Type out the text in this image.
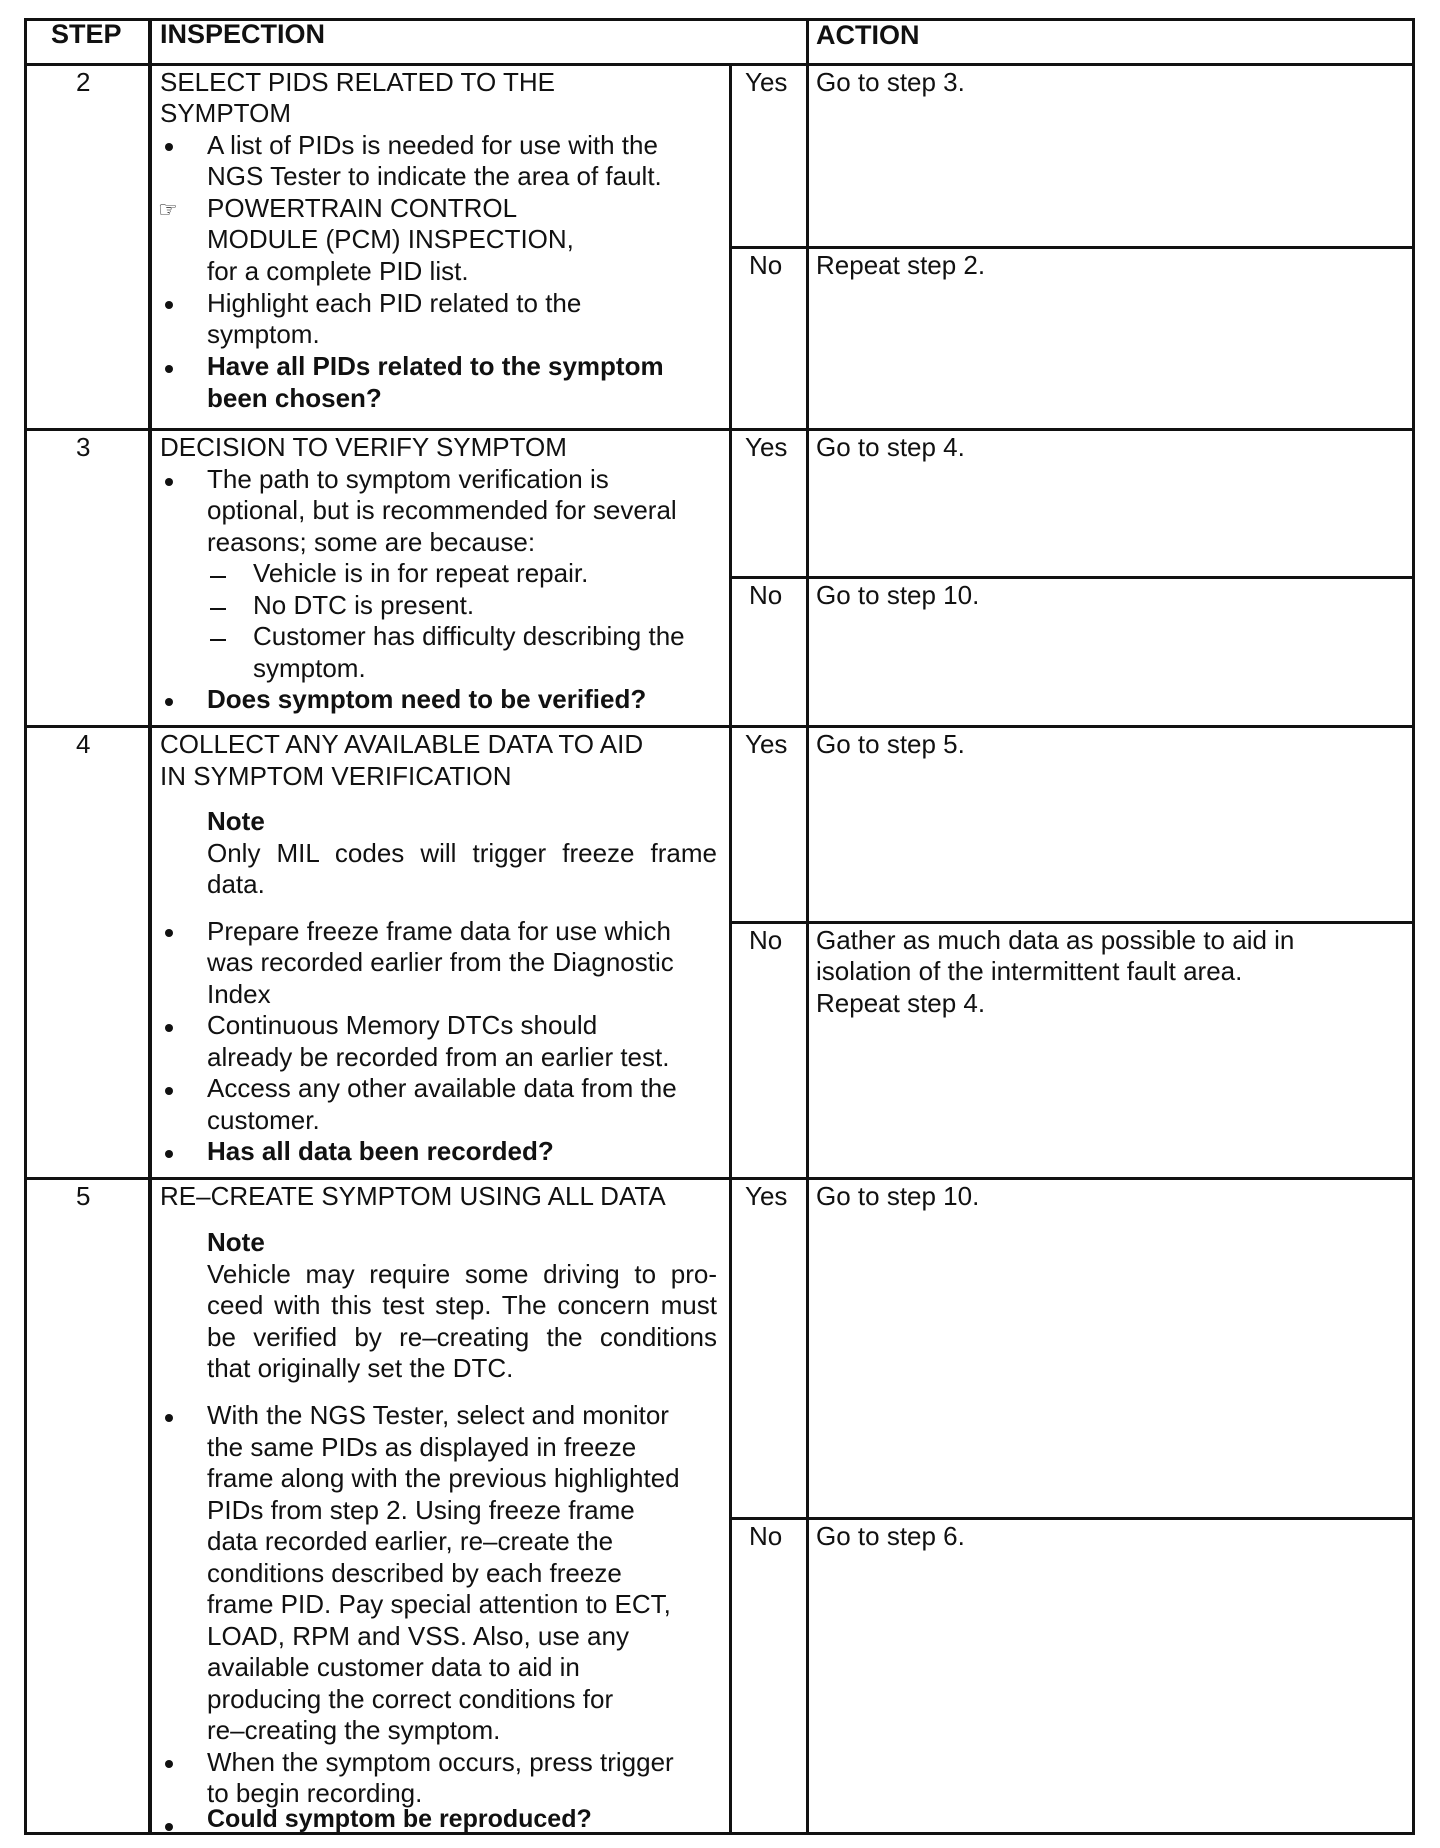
STEP INSPECTION	ACTION
2	SELECT PIDS RELATED TO THE
SYMPTOM
A list of PIDs is needed for use with the
NGS Tester to indicate the area of fault.
☞ POWERTRAIN CONTROL
MODULE (PCM) INSPECTION,
for a complete PID list.
Highlight each PID related to the
symptom.
Have all PIDs related to the symptom
been chosen?
Yes Go to step 3.
No Repeat step 2.
3	DECISION TO VERIFY SYMPTOM
The path to symptom verification is
optional, but is recommended for several
reasons; some are because:
Vehicle is in for repeat repair.
No DTC is present.
Customer has difficulty describing the
symptom.
Does symptom need to be verified?
Yes Go to step 4.
No Go to step 10.
4	COLLECT ANY AVAILABLE DATA TO AID
IN SYMPTOM VERIFICATION
Note
Only MIL codes will trigger freeze frame
data.
Prepare freeze frame data for use which
was recorded earlier from the Diagnostic
Index
Continuous Memory DTCs should
already be recorded from an earlier test.
Access any other available data from the
customer.
Has all data been recorded?
Yes Go to step 5.
No Gather as much data as possible to aid in
isolation of the intermittent fault area.
Repeat step 4.
5	RE–CREATE SYMPTOM USING ALL DATA
Note
Vehicle may require some driving to pro-
ceed with this test step. The concern must
be verified by re–creating the conditions
that originally set the DTC.
With the NGS Tester, select and monitor
the same PIDs as displayed in freeze
frame along with the previous highlighted
PIDs from step 2. Using freeze frame
data recorded earlier, re–create the
conditions described by each freeze
frame PID. Pay special attention to ECT,
LOAD, RPM and VSS. Also, use any
available customer data to aid in
producing the correct conditions for
re–creating the symptom.
When the symptom occurs, press trigger
to begin recording.
Could symptom be reproduced?
Yes Go to step 10.
No Go to step 6.
